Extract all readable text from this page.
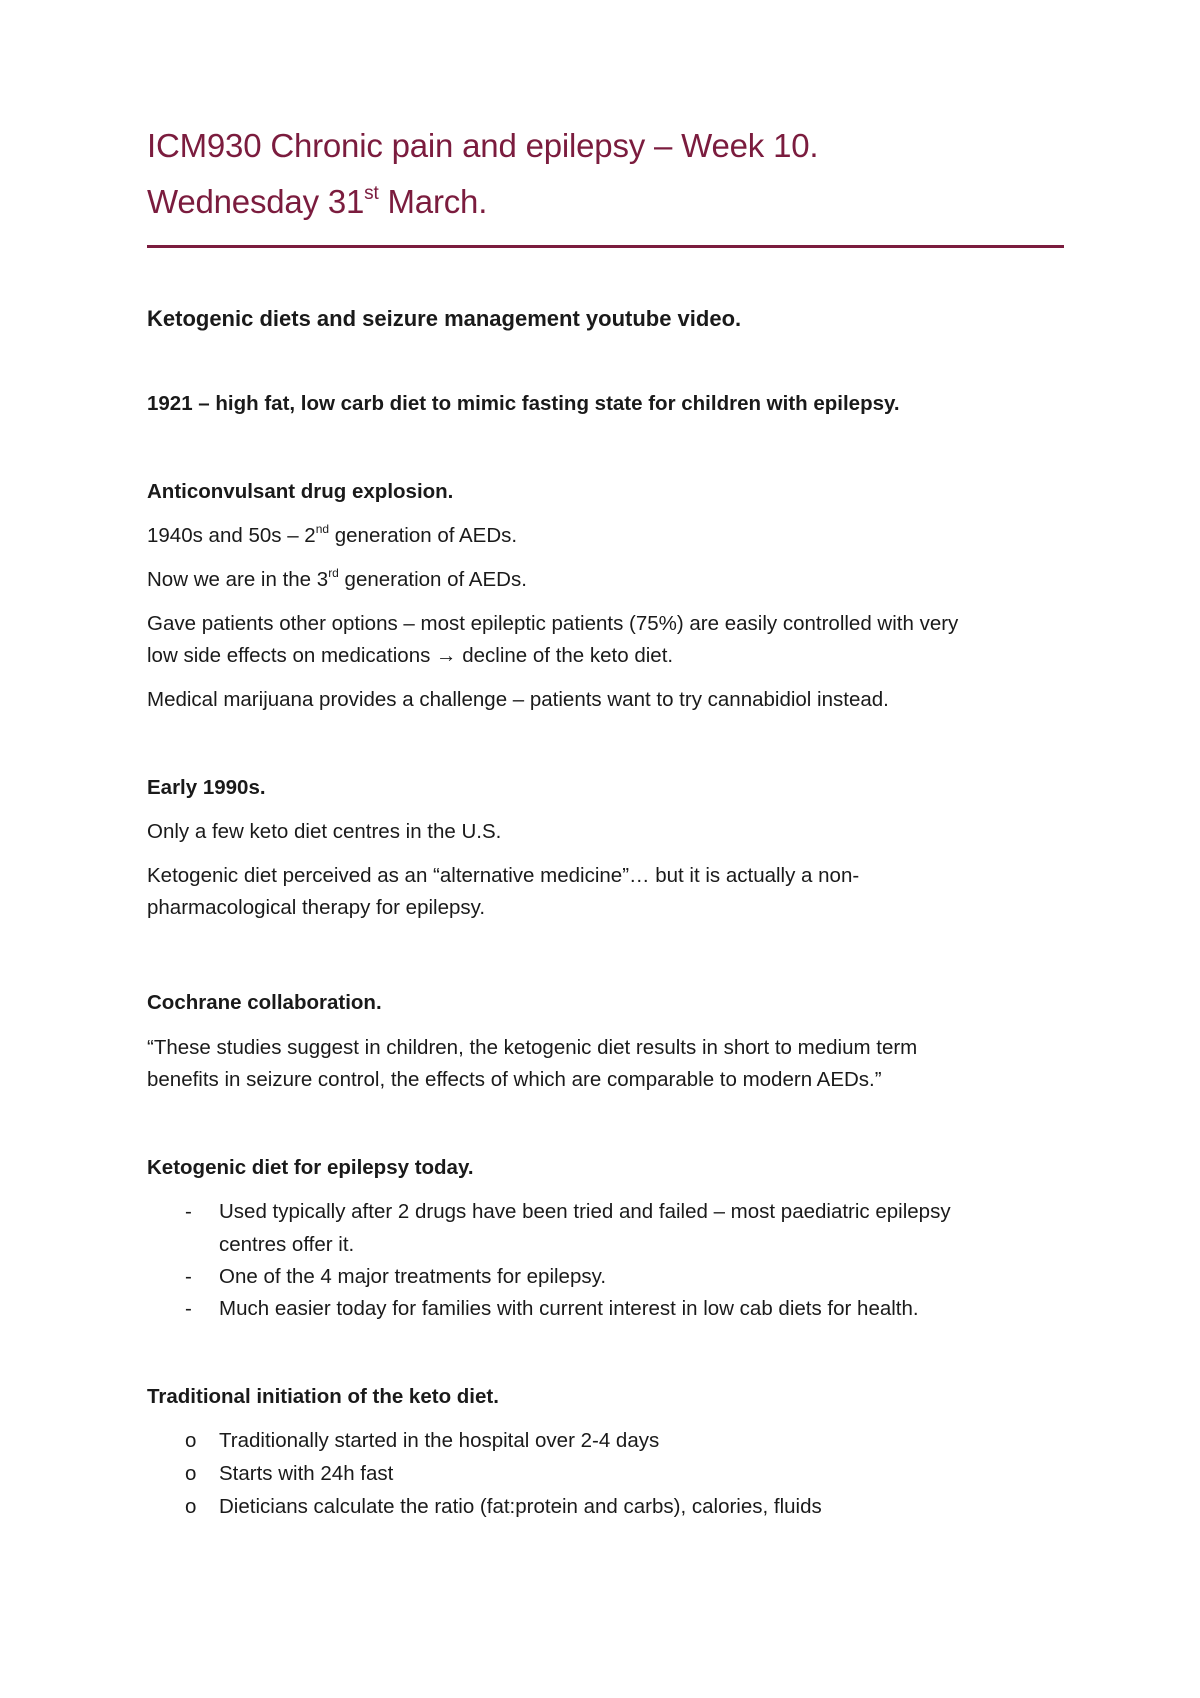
ICM930 Chronic pain and epilepsy – Week 10.
Wednesday 31st March.
Ketogenic diets and seizure management youtube video.
1921 – high fat, low carb diet to mimic fasting state for children with epilepsy.
Anticonvulsant drug explosion.
1940s and 50s – 2nd generation of AEDs.
Now we are in the 3rd generation of AEDs.
Gave patients other options – most epileptic patients (75%) are easily controlled with very
low side effects on medications → decline of the keto diet.
Medical marijuana provides a challenge – patients want to try cannabidiol instead.
Early 1990s.
Only a few keto diet centres in the U.S.
Ketogenic diet perceived as an “alternative medicine”… but it is actually a non-
pharmacological therapy for epilepsy.
Cochrane collaboration.
“These studies suggest in children, the ketogenic diet results in short to medium term
benefits in seizure control, the effects of which are comparable to modern AEDs.”
Ketogenic diet for epilepsy today.
-	Used typically after 2 drugs have been tried and failed – most paediatric epilepsy
centres offer it.
-	One of the 4 major treatments for epilepsy.
-	Much easier today for families with current interest in low cab diets for health.
Traditional initiation of the keto diet.
o	Traditionally started in the hospital over 2-4 days
o	Starts with 24h fast
o	Dieticians calculate the ratio (fat:protein and carbs), calories, fluids
